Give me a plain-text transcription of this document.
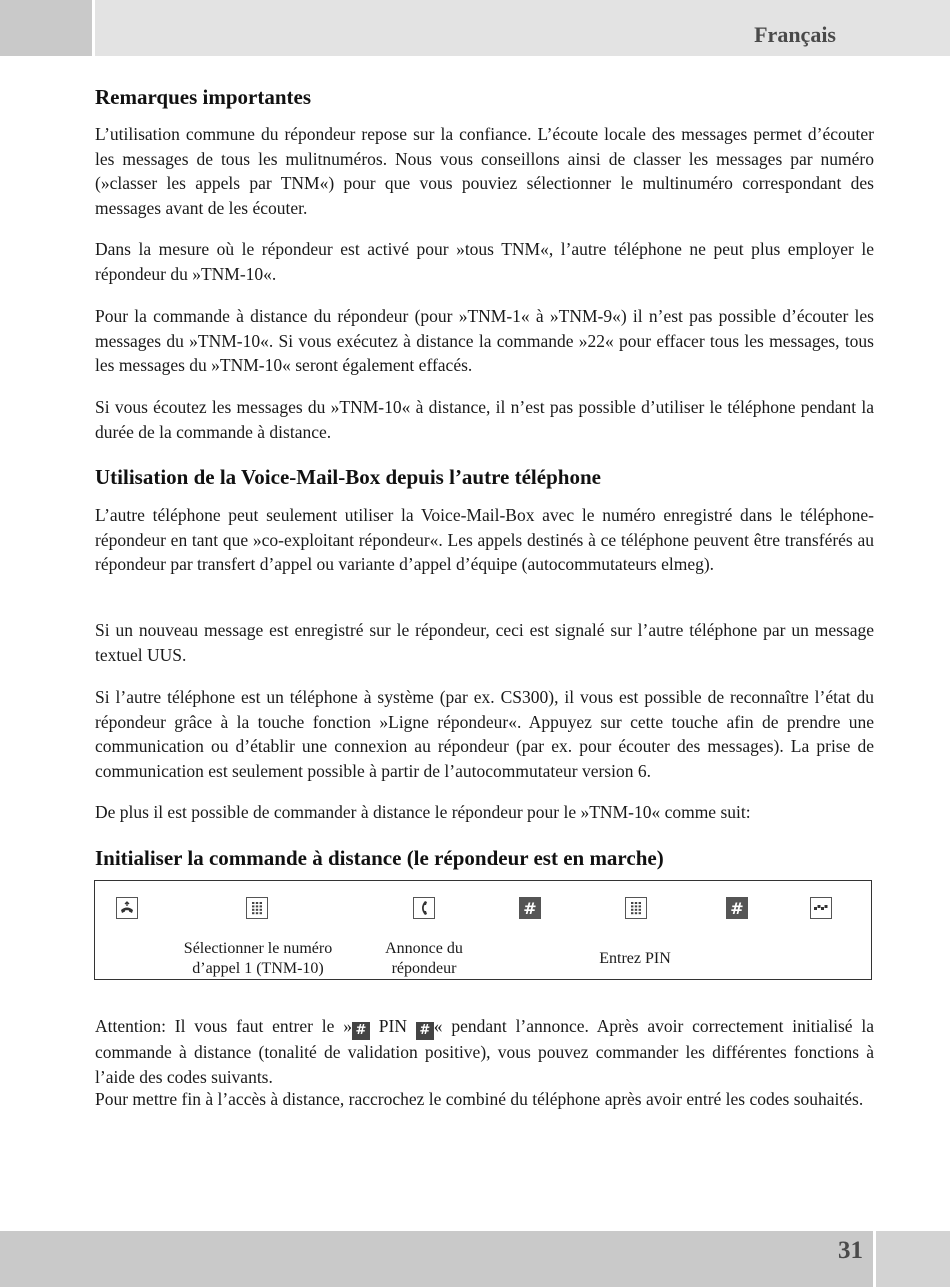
Français
Remarques importantes

L’utilisation commune du répondeur repose sur la confiance. L’écoute locale des messages permet d’écouter les messages de tous les mulitnuméros. Nous vous conseillons ainsi de classer les messages par numéro (»classer les appels par TNM«) pour que vous pouviez sélectionner le multinuméro correspondant des messages avant de les écouter.

Dans la mesure où le répondeur est activé pour »tous TNM«, l’autre téléphone ne peut plus employer le répondeur du »TNM-10«.

Pour la commande à distance du répondeur (pour »TNM-1« à »TNM-9«) il n’est pas possible d’écouter les messages du »TNM-10«. Si vous exécutez à distance la commande »22« pour effacer tous les messages, tous les messages du »TNM-10« seront également effacés.

Si vous écoutez les messages du »TNM-10« à distance, il n’est pas possible d’utiliser le téléphone pendant la durée de la commande à distance.

Utilisation de la Voice-Mail-Box depuis l’autre téléphone

L’autre téléphone peut seulement utiliser la Voice-Mail-Box avec le numéro enregistré dans le téléphone-répondeur en tant que »co-exploitant répondeur«. Les appels destinés à ce téléphone peuvent être transférés au répondeur par transfert d’appel ou variante d’appel d’équipe (autocommutateurs elmeg).

Si un nouveau message est enregistré sur le répondeur, ceci est signalé sur l’autre téléphone par un message textuel UUS.

Si l’autre téléphone est un téléphone à système (par ex. CS300), il vous est possible de reconnaître l’état du répondeur grâce à la touche fonction »Ligne répondeur«. Appuyez sur cette touche afin de prendre une communication ou d’établir une connexion au répondeur (par ex. pour écouter des messages). La prise de communication est seulement possible à partir de l’autocommutateur version 6.

De plus il est possible de commander à distance le répondeur pour le »TNM-10« comme suit:

Initialiser la commande à distance (le répondeur est en marche)
#	#
Sélectionner le numéro d’appel 1 (TNM-10)
Annonce du répondeur
Entrez PIN

Attention: Il vous faut entrer le » # PIN # « pendant l’annonce. Après avoir correctement initialisé la commande à distance (tonalité de validation positive), vous pouvez commander les différentes fonctions à l’aide des codes suivants.

Pour mettre fin à l’accès à distance, raccrochez le combiné du téléphone après avoir entré les codes souhaités.

31
